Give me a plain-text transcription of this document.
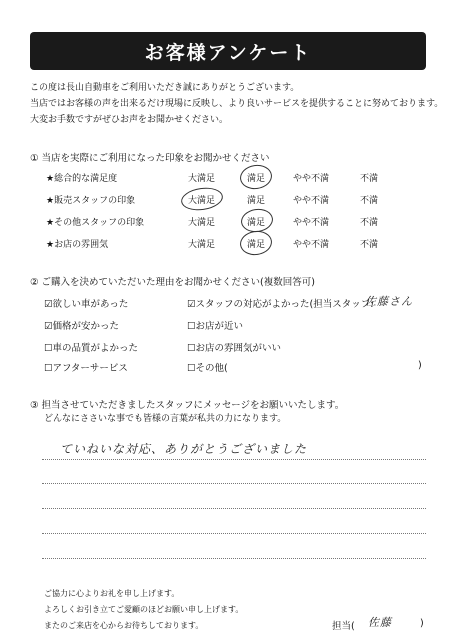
お客様アンケート
この度は長山自動車をご利用いただき誠にありがとうございます。
当店ではお客様の声を出来るだけ現場に反映し、より良いサービスを提供することに努めております。
大変お手数ですがぜひお声をお聞かせください。
① 当店を実際にご利用になった印象をお聞かせください
★総合的な満足度	大満足	満足	やや不満	不満
★販売スタッフの印象	大満足	満足	やや不満	不満
★その他スタッフの印象	大満足	満足	やや不満	不満
★お店の雰囲気	大満足	満足	やや不満	不満
② ご購入を決めていただいた理由をお聞かせください(複数回答可)
☑欲しい車があった	☑スタッフの対応がよかった(担当スタッフ:
佐藤さん
☑価格が安かった	☐お店が近い
☐車の品質がよかった	☐お店の雰囲気がいい
☐アフターサービス	☐その他(	)
③ 担当させていただきましたスタッフにメッセージをお願いいたします。
どんなにささいな事でも皆様の言葉が私共の力になります。
ていねいな対応、ありがとうございました
ご協力に心よりお礼を申し上げます。
よろしくお引き立てご愛顧のほどお願い申し上げます。
またのご来店を心からお待ちしております。	担当( 佐藤	)
